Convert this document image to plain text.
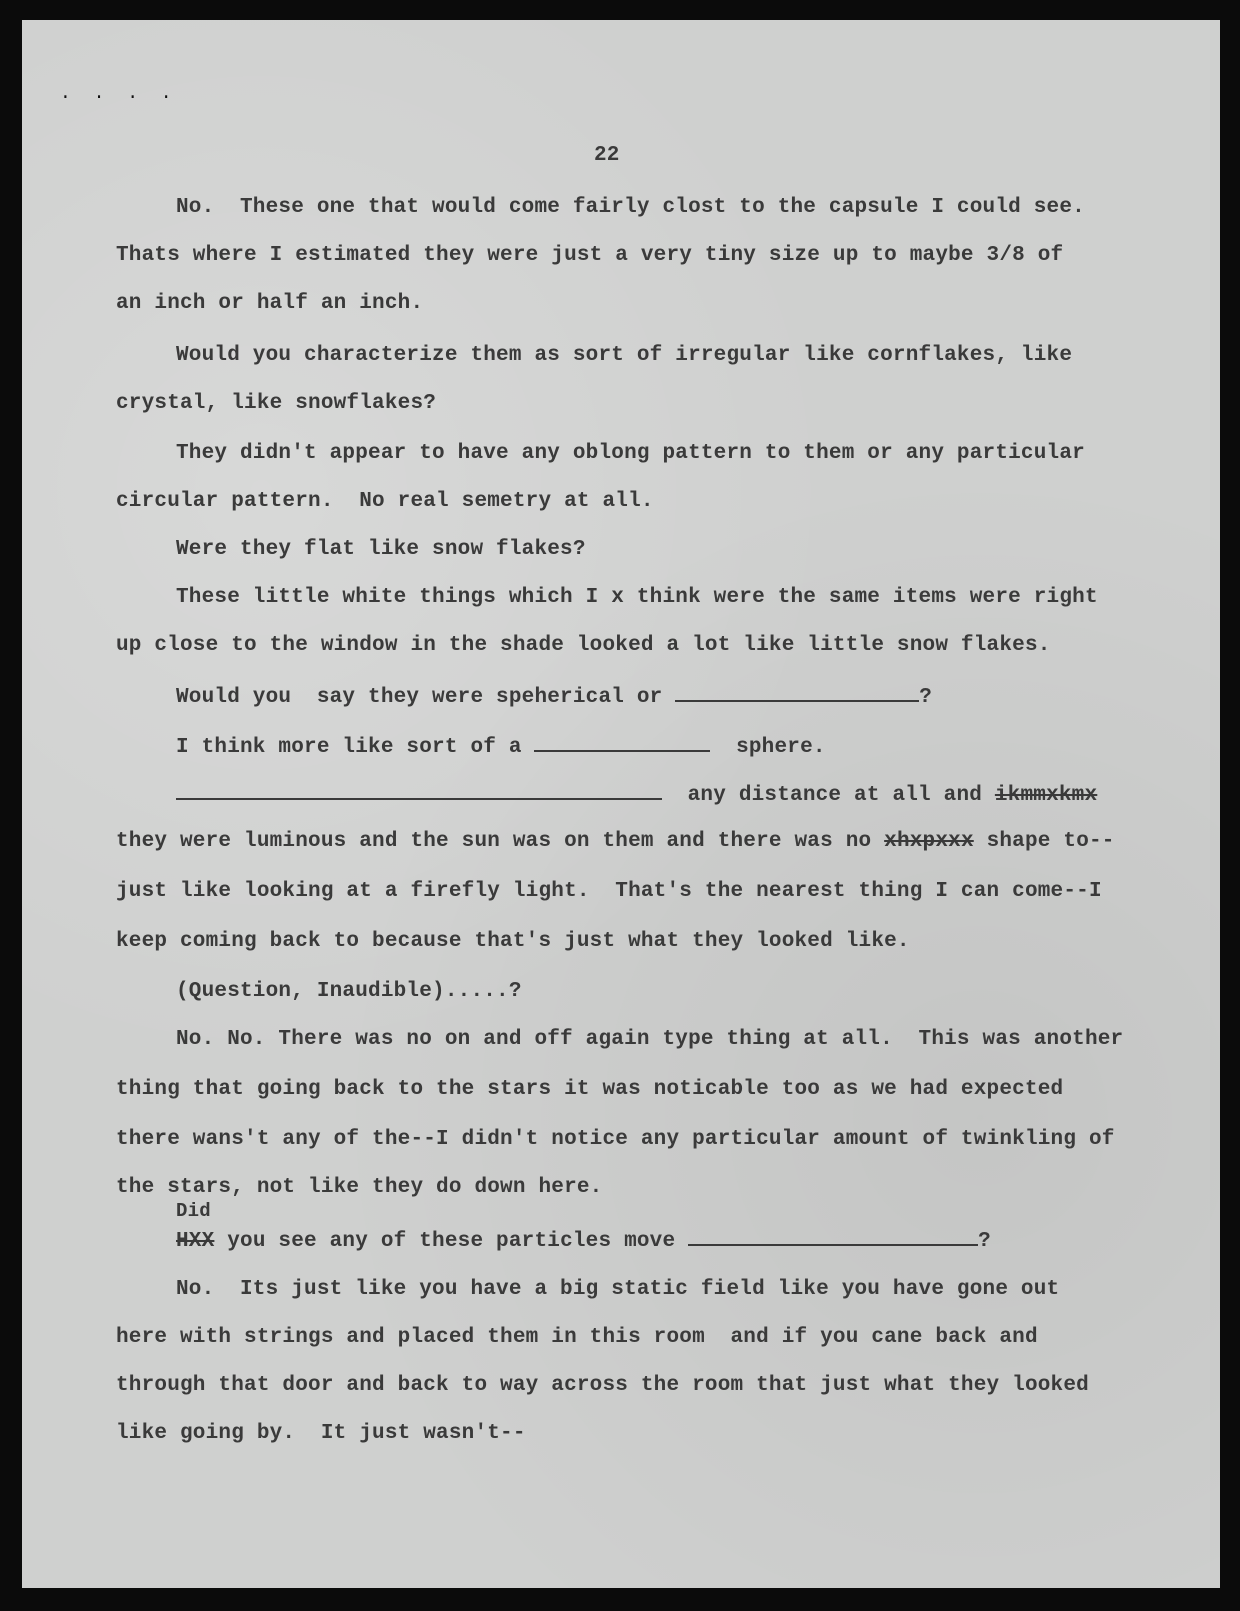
. . . .
22
No.  These one that would come fairly clost to the capsule I could see.
Thats where I estimated they were just a very tiny size up to maybe 3/8 of
an inch or half an inch.
Would you characterize them as sort of irregular like cornflakes, like
crystal, like snowflakes?
They didn't appear to have any oblong pattern to them or any particular
circular pattern.  No real semetry at all.
Were they flat like snow flakes?
These little white things which I x think were the same items were right
up close to the window in the shade looked a lot like little snow flakes.
Would you  say they were speherical or	?
I think more like sort of a	sphere.
any distance at all and ikmmxkmx
they were luminous and the sun was on them and there was no xhxpxxx shape to--
just like looking at a firefly light.  That's the nearest thing I can come--I
keep coming back to because that's just what they looked like.
(Question, Inaudible).....?
No. No. There was no on and off again type thing at all.  This was another
thing that going back to the stars it was noticable too as we had expected
there wans't any of the--I didn't notice any particular amount of twinkling of
the stars, not like they do down here.
Did
HXX you see any of these particles move	?
No.  Its just like you have a big static field like you have gone out
here with strings and placed them in this room  and if you cane back and
through that door and back to way across the room that just what they looked
like going by.  It just wasn't--
